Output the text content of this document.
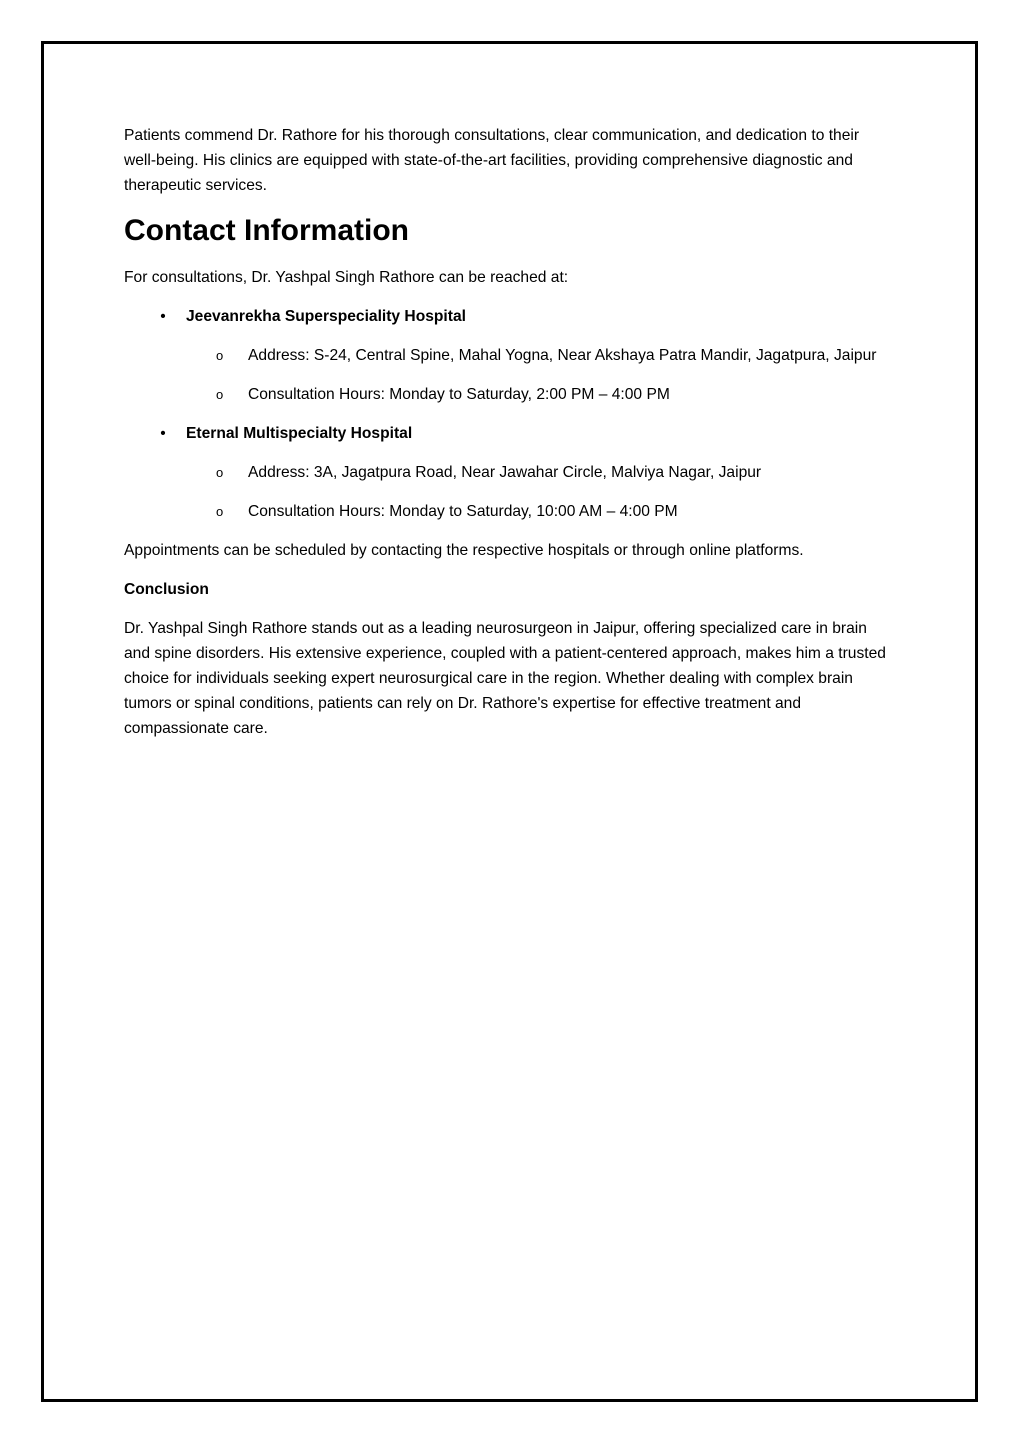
Patients commend Dr. Rathore for his thorough consultations, clear communication, and dedication to their well-being. His clinics are equipped with state-of-the-art facilities, providing comprehensive diagnostic and therapeutic services.

Contact Information

For consultations, Dr. Yashpal Singh Rathore can be reached at:

• Jeevanrekha Superspeciality Hospital
o Address: S-24, Central Spine, Mahal Yogna, Near Akshaya Patra Mandir, Jagatpura, Jaipur
o Consultation Hours: Monday to Saturday, 2:00 PM – 4:00 PM
• Eternal Multispecialty Hospital
o Address: 3A, Jagatpura Road, Near Jawahar Circle, Malviya Nagar, Jaipur
o Consultation Hours: Monday to Saturday, 10:00 AM – 4:00 PM

Appointments can be scheduled by contacting the respective hospitals or through online platforms.

Conclusion

Dr. Yashpal Singh Rathore stands out as a leading neurosurgeon in Jaipur, offering specialized care in brain and spine disorders. His extensive experience, coupled with a patient-centered approach, makes him a trusted choice for individuals seeking expert neurosurgical care in the region. Whether dealing with complex brain tumors or spinal conditions, patients can rely on Dr. Rathore's expertise for effective treatment and compassionate care.
